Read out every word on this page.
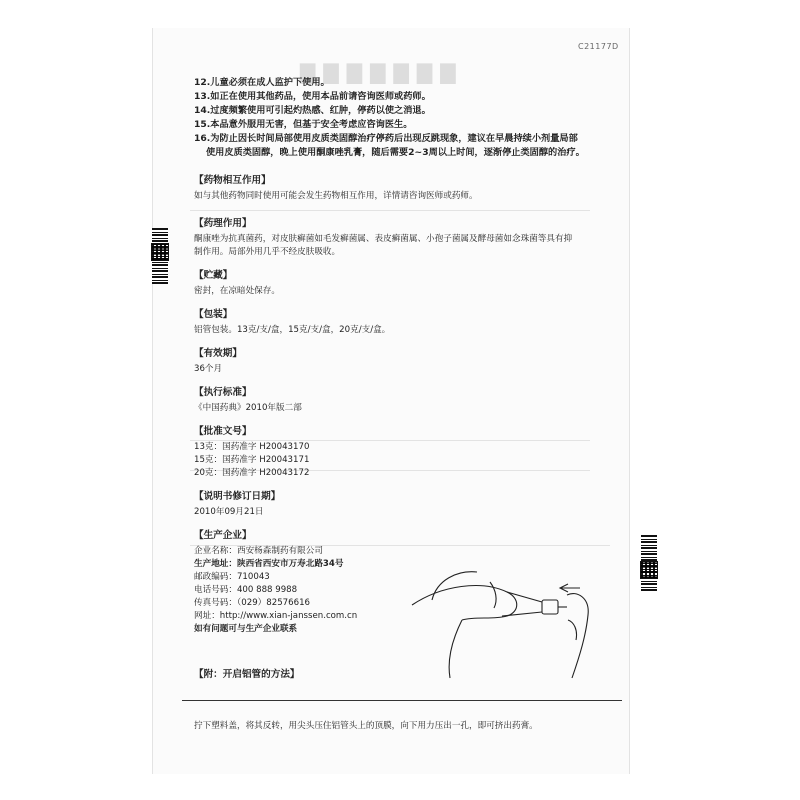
▇▇▇▇▇▇▇
C21177D

12.儿童必须在成人监护下使用。

13.如正在使用其他药品，使用本品前请咨询医师或药师。

14.过度频繁使用可引起灼热感、红肿，停药以使之消退。

15.本品意外服用无害，但基于安全考虑应咨询医生。

16.为防止因长时间局部使用皮质类固醇治疗停药后出现反跳现象，建议在早晨持续小剂量局部

使用皮质类固醇，晚上使用酮康唑乳膏，随后需要2~3周以上时间，逐渐停止类固醇的治疗。

【药物相互作用】

如与其他药物同时使用可能会发生药物相互作用，详情请咨询医师或药师。

【药理作用】

酮康唑为抗真菌药，对皮肤癣菌如毛发癣菌属、表皮癣菌属、小孢子菌属及酵母菌如念珠菌等具有抑

制作用。局部外用几乎不经皮肤吸收。

【贮藏】

密封，在凉暗处保存。

【包装】

铝管包装。13克/支/盒，15克/支/盒，20克/支/盒。

【有效期】

36个月

【执行标准】

《中国药典》2010年版二部

【批准文号】

13克：国药准字 H20043170

15克：国药准字 H20043171

20克：国药准字 H20043172

【说明书修订日期】

2010年09月21日

【生产企业】

企业名称：西安杨森制药有限公司

生产地址：陕西省西安市万寿北路34号

邮政编码：710043

电话号码：400 888 9988

传真号码：（029）82576616

网址：http://www.xian-janssen.com.cn

如有问题可与生产企业联系

【附：开启铝管的方法】

拧下塑料盖，将其反转，用尖头压住铝管头上的顶膜，向下用力压出一孔，即可挤出药膏。
